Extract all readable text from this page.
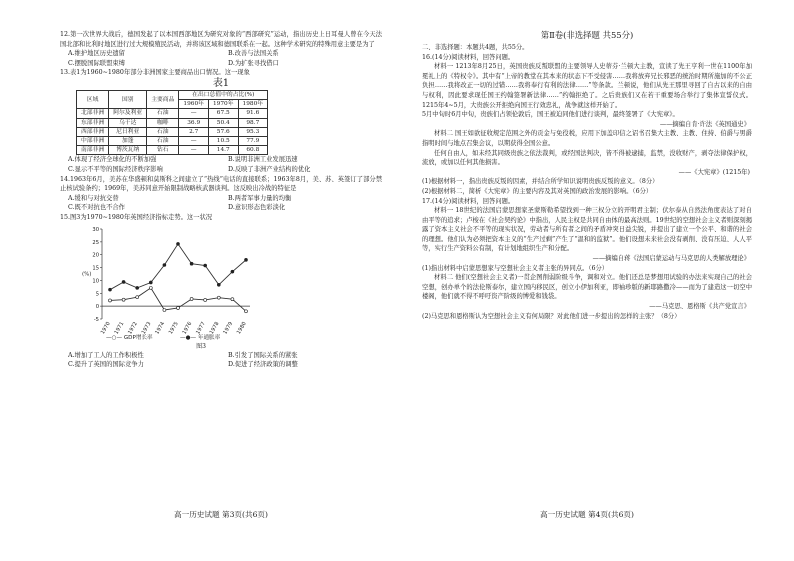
12.第一次世界大战后，德国发起了以本国西部地区为研究对象的“西部研究”运动，指出历史上日耳曼人曾在今天法国北部和比利时地区进行过大规模殖民活动，并将该区域和德国联系在一起。这种学术研究的特殊用意主要是为了
A.维护地区历史遗留	B.改善与法国关系
C.摆脱国际联盟束缚	D.为扩张寻找借口
13.表1为1960~1980年部分非洲国家主要商品出口情况。这一现象
表1
区域	国别	主要商品	在出口总值中的占比(%)		
			1960年	1970年	1980年
北部非洲	阿尔及利亚	石油	—	67.5	91.6
东部非洲	乌干达	咖啡	36.9	50.4	98.7
西部非洲	尼日利亚	石油	2.7	57.6	95.3
中部非洲	加蓬	石油	—	10.5	77.9
南部非洲	博茨瓦纳	钻石	—	14.7	60.8
A.体现了经济全球化的不断加强	B.说明非洲工业发展迅速
C.显示不平等的国际经济秩序影响	D.反映了非洲产业结构的优化
14.1963年6月，美苏在华盛顿和莫斯科之间建立了“热线”电话的直接联系；1963年8月，美、苏、英签订了部分禁止核试验条约；1969年，美苏同意开始限制战略核武器谈判。这反映出冷战的特征是
A.缓和与对抗交替	B.两者军事力量的均衡
C.既不对抗也不合作	D.意识形态色彩淡化
15.图3为1970~1980年英国经济指标走势。这一状况
30
25
20
15
10
5
0
-5
(%)
1970 1971 1972 1973 1974 1975 1976 1977 1978 1979 1980
—○— GDP增长率	—●— 年通胀率
图3
A.增加了工人的工作积极性	B.引发了国际关系的紧张
C.提升了英国的国际竞争力	D.促进了经济政策的调整
高一历史试题 第3页(共6页)
第Ⅱ卷(非选择题 共55分)
二、非选择题：本题共4题，共55分。
16.(14分)阅读材料，回答问题。
材料一 1213年8月25日，英国贵族反叛联盟的主要领导人史蒂芬·兰顿大主教，宣读了先王亨利一世在1100年加冕礼上的《特权令》。其中有“上帝的教堂在其本来的状态下不受侵害……我将放弃兄长邪恶的统治时期所施加的不公正负担……我将改正一切的过错……我将奉行有利的法律……”等条款。兰顿说，他们从先王那里寻回了自古以来的自由与权利，因此要求现任国王约翰签署新法律……”约翰拒绝了。之后贵族们又在若干重要场合举行了集体宣誓仪式。1215年4~5月，大贵族公开拒绝向国王行效忠礼，战争就这样开始了。
5月中旬时6月中旬，贵族们占领伦敦后，国王被迫同他们进行谈判，最终签署了《大宪章》。
——摘编自肯·许法《英国通史》
材料二 国王如欲征收规定范围之外的贡金与免役税，应用下加盖印信之诏书召集大主教、主教、住持、伯爵与男爵指明时间与地点召集会议，以期获得全国公意。
任何自由人，如未经其同级贵族之依法裁判，或经国法判决，皆不得被逮捕，监禁，没收财产，剥夺法律保护权，流放，或加以任何其他损害。
——《大宪章》(1215年)
(1)根据材料一，指出贵族反叛的因素，并结合所学知识说明贵族反叛的意义。（8分）
(2)根据材料二，简析《大宪章》的主要内容及其对英国的政治发展的影响。（6分）
17.(14分)阅读材料，回答问题。
材料一 18世纪的法国启蒙思想家圣蒙斯勒希望找到一种三权分立的开明君主制；伏尔泰从自然法角度表达了对自由平等的追求；卢梭在《社会契约论》中指出，人民主权是共同自由体的最高法则。19世纪的空想社会主义者则深刻揭露了资本主义社会不平等的现实状况，劳动者与所有者之间的矛盾冲突日益尖锐，并提出了建立一个公平、和谐的社会的理想。他们认为必须把资本主义的“生产过剩”产生了“温和的监狱”。他们设想未来社会没有剥削、没有压迫、人人平等，实行生产资料公有制，有计划地组织生产和分配。
——摘编自蒋《法国启蒙运动与马克思的人类解放理论》
(1)指出材料中启蒙思想家与空想社会主义者主张的异同点。（6分）
材料二 他们(空想社会主义者)一贯企图削弱阶级斗争，调和对立。他们还总是梦想用试验的办法来实现自己的社会空想，创办单个的法伦斯泰尔，建立国内移民区，创立小伊加利亚，即袖珍版的新耶路撒冷——而为了建造这一切空中楼阁，他们就不得不呼吁资产阶级的博爱和钱袋。
——马克思、恩格斯《共产党宣言》
(2)马克思和恩格斯认为空想社会主义有何局限？对此他们进一步提出的怎样的主张？（8分）
高一历史试题 第4页(共6页)
